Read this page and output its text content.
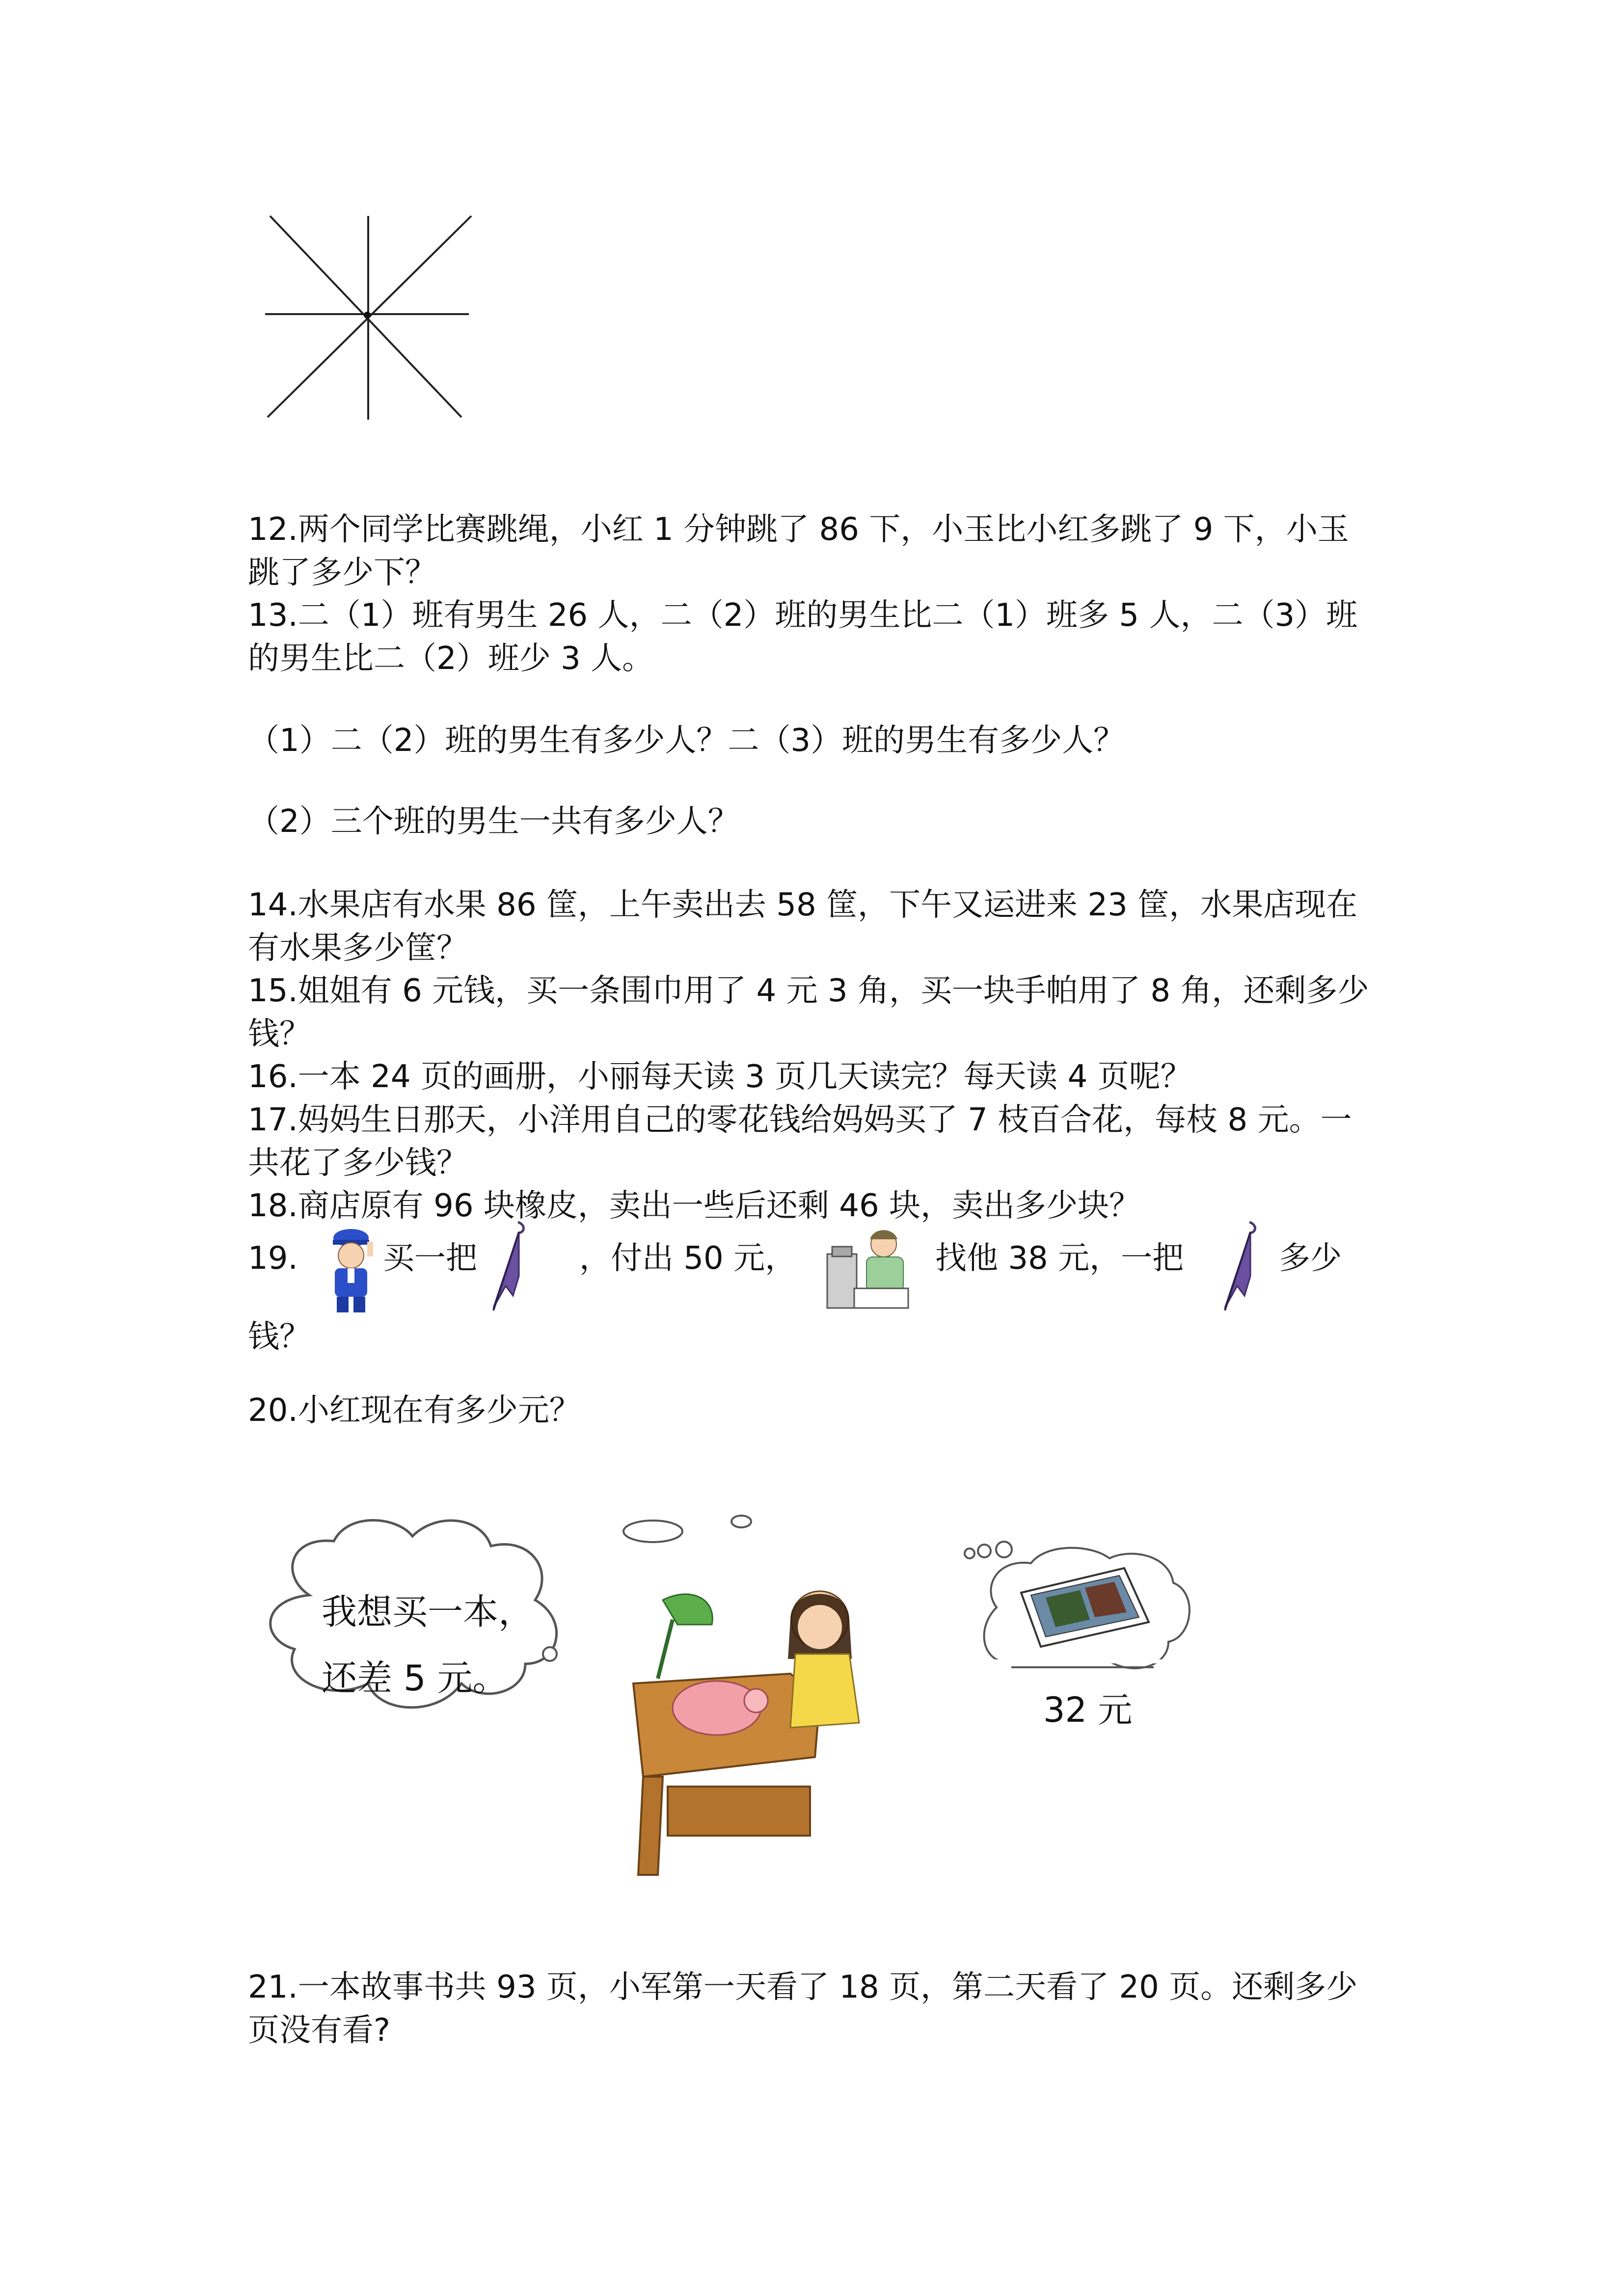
12.两个同学比赛跳绳，小红 1 分钟跳了 86 下，小玉比小红多跳了 9 下，小玉
跳了多少下？
13.二（1）班有男生 26 人，二（2）班的男生比二（1）班多 5 人，二（3）班
的男生比二（2）班少 3 人。
（1）二（2）班的男生有多少人？二（3）班的男生有多少人？
（2）三个班的男生一共有多少人？
14.水果店有水果 86 筐，上午卖出去 58 筐，下午又运进来 23 筐，水果店现在
有水果多少筐？
15.姐姐有 6 元钱，买一条围巾用了 4 元 3 角，买一块手帕用了 8 角，还剩多少
钱？
16.一本 24 页的画册，小丽每天读 3 页几天读完？每天读 4 页呢？
17.妈妈生日那天，小洋用自己的零花钱给妈妈买了 7 枝百合花，每枝 8 元。一
共花了多少钱？
18.商店原有 96 块橡皮，卖出一些后还剩 46 块，卖出多少块？
19.	买一把	，付出 50 元，	找他 38 元，一把	多少
钱？
20.小红现在有多少元？
我想买一本，
还差 5 元。
32 元
21.一本故事书共 93 页，小军第一天看了 18 页，第二天看了 20 页。还剩多少
页没有看?
